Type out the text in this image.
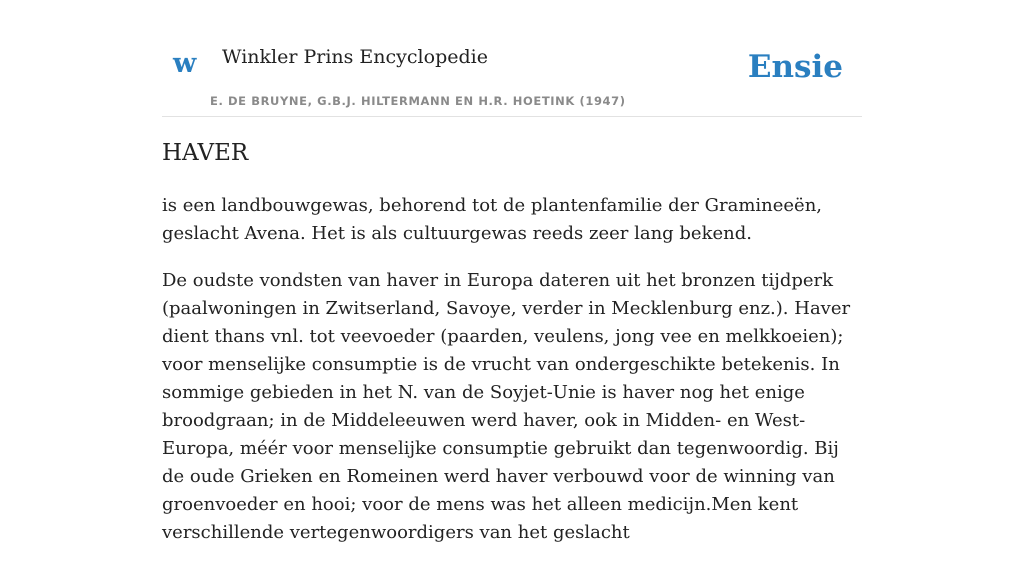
w Winkler Prins Encyclopedie
E. DE BRUYNE, G.B.J. HILTERMANN EN H.R. HOETINK (1947)
Ensie
HAVER

is een landbouwgewas, behorend tot de plantenfamilie der Gramineeën, geslacht Avena. Het is als cultuurgewas reeds zeer lang bekend.

De oudste vondsten van haver in Europa dateren uit het bronzen tijdperk (paalwoningen in Zwitserland, Savoye, verder in Mecklenburg enz.). Haver dient thans vnl. tot veevoeder (paarden, veulens, jong vee en melkkoeien); voor menselijke consumptie is de vrucht van ondergeschikte betekenis. In sommige gebieden in het N. van de Soyjet-Unie is haver nog het enige broodgraan; in de Middeleeuwen werd haver, ook in Midden- en West-Europa, méér voor menselijke consumptie gebruikt dan tegenwoordig. Bij de oude Grieken en Romeinen werd haver verbouwd voor de winning van groenvoeder en hooi; voor de mens was het alleen medicijn.Men kent verschillende vertegenwoordigers van het geslacht
